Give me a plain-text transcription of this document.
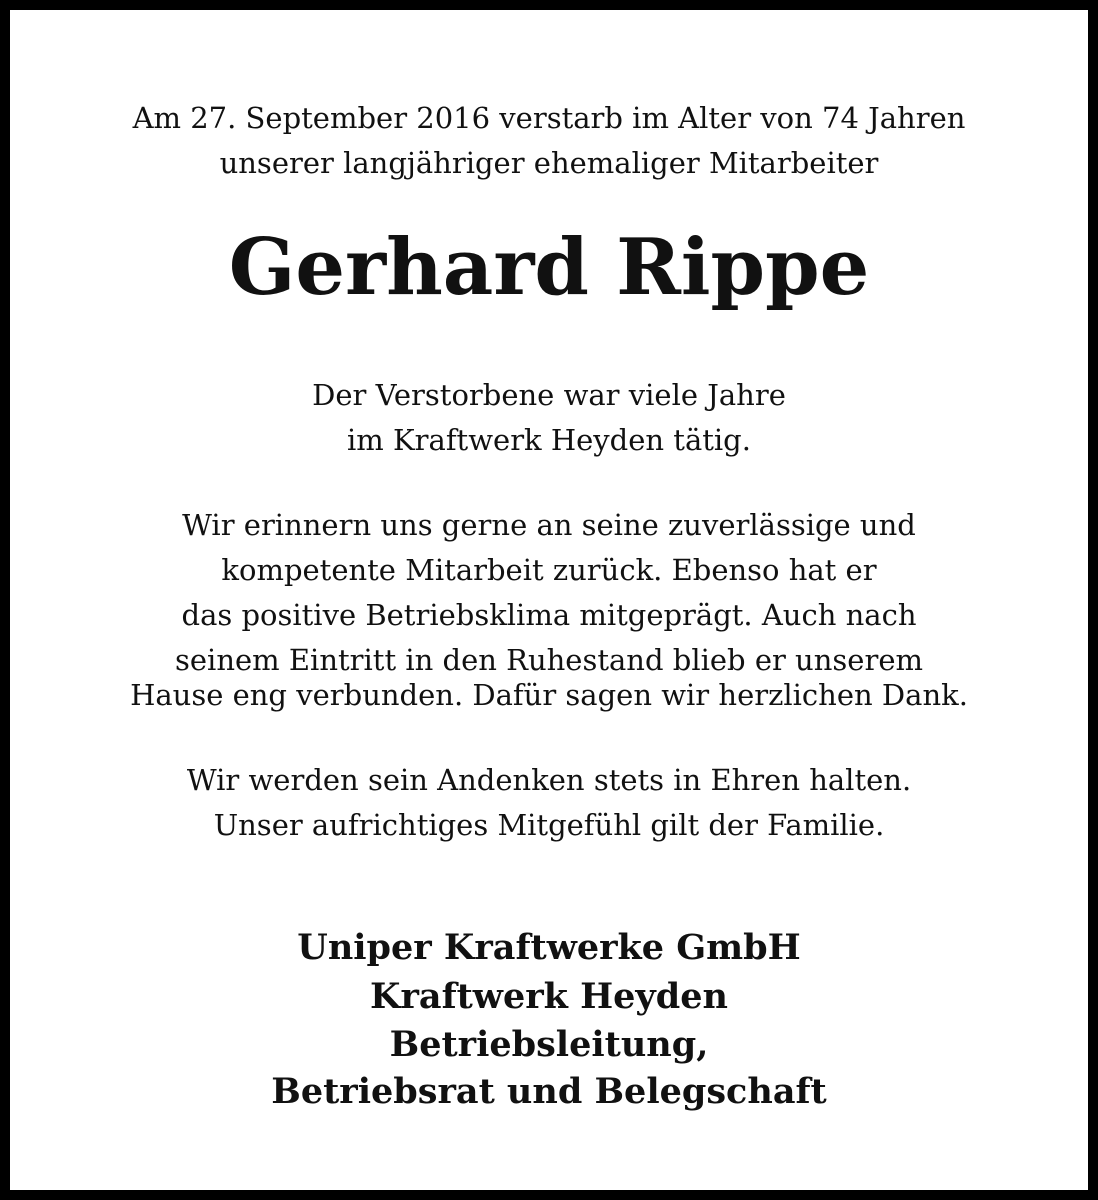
Am 27. September 2016 verstarb im Alter von 74 Jahren
unserer langjähriger ehemaliger Mitarbeiter
Gerhard Rippe
Der Verstorbene war viele Jahre
im Kraftwerk Heyden tätig.
Wir erinnern uns gerne an seine zuverlässige und
kompetente Mitarbeit zurück. Ebenso hat er
das positive Betriebsklima mitgeprägt. Auch nach
seinem Eintritt in den Ruhestand blieb er unserem
Hause eng verbunden. Dafür sagen wir herzlichen Dank.
Wir werden sein Andenken stets in Ehren halten.
Unser aufrichtiges Mitgefühl gilt der Familie.
Uniper Kraftwerke GmbH
Kraftwerk Heyden
Betriebsleitung,
Betriebsrat und Belegschaft
